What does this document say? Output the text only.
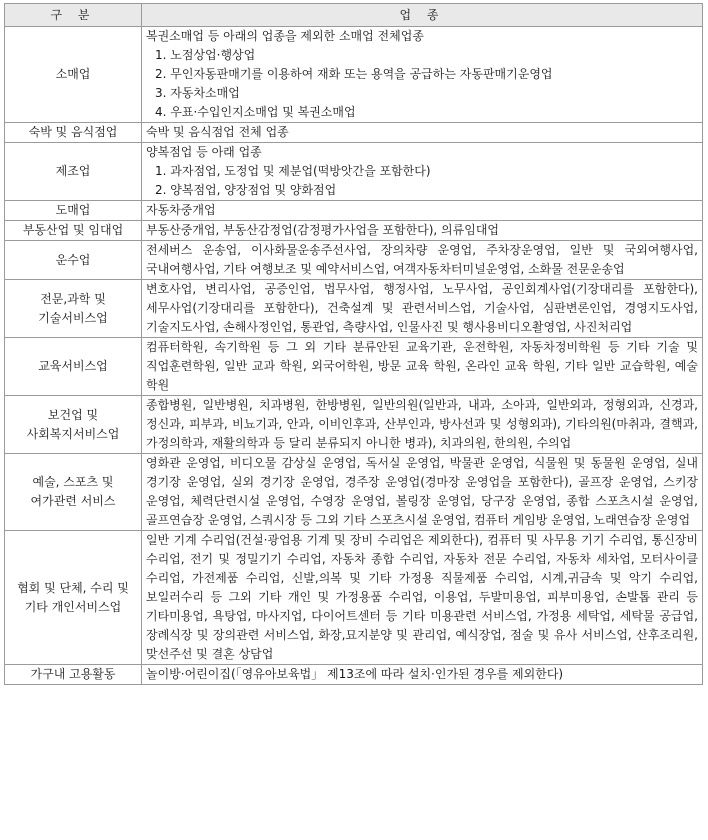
구 분	업 종

소매업	복권소매업 등 아래의 업종을 제외한 소매업 전체업종
1. 노점상업·행상업
2. 무인자동판매기를 이용하여 재화 또는 용역을 공급하는 자동판매기운영업
3. 자동차소매업
4. 우표·수입인지소매업 및 복권소매업

숙박 및 음식점업	숙박 및 음식점업 전체 업종

제조업	양복점업 등 아래 업종
1. 과자점업, 도정업 및 제분업(떡방앗간을 포함한다)
2. 양복점업, 양장점업 및 양화점업

도매업	자동차중개업

부동산업 및 임대업	부동산중개업, 부동산감정업(감정평가사업을 포함한다), 의류임대업

운수업	전세버스 운송업, 이사화물운송주선사업, 장의차량 운영업, 주차장운영업, 일반 및 국외여행사업, 국내여행사업, 기타 여행보조 및 예약서비스업, 여객자동차터미널운영업, 소화물 전문운송업

전문,과학 및
기술서비스업	변호사업, 변리사업, 공증인업, 법무사업, 행정사업, 노무사업, 공인회계사업(기장대리를 포함한다), 세무사업(기장대리를 포함한다), 건축설계 및 관련서비스업, 기술사업, 심판변론인업, 경영지도사업, 기술지도사업, 손해사정인업, 통관업, 측량사업, 인물사진 및 행사용비디오촬영업, 사진처리업

교육서비스업	컴퓨터학원, 속기학원 등 그 외 기타 분류안된 교육기관, 운전학원, 자동차정비학원 등 기타 기술 및 직업훈련학원, 일반 교과 학원, 외국어학원, 방문 교육 학원, 온라인 교육 학원, 기타 일반 교습학원, 예술 학원

보건업 및
사회복지서비스업	종합병원, 일반병원, 치과병원, 한방병원, 일반의원(일반과, 내과, 소아과, 일반외과, 정형외과, 신경과, 정신과, 피부과, 비뇨기과, 안과, 이비인후과, 산부인과, 방사선과 및 성형외과), 기타의원(마취과, 결핵과, 가정의학과, 재활의학과 등 달리 분류되지 아니한 병과), 치과의원, 한의원, 수의업

예술, 스포츠 및
여가관련 서비스	영화관 운영업, 비디오물 감상실 운영업, 독서실 운영업, 박물관 운영업, 식물원 및 동물원 운영업, 실내 경기장 운영업, 실외 경기장 운영업, 경주장 운영업(경마장 운영업을 포함한다), 골프장 운영업, 스키장 운영업, 체력단련시설 운영업, 수영장 운영업, 볼링장 운영업, 당구장 운영업, 종합 스포츠시설 운영업, 골프연습장 운영업, 스쿼시장 등 그외 기타 스포츠시설 운영업, 컴퓨터 게임방 운영업, 노래연습장 운영업

협회 및 단체, 수리 및
기타 개인서비스업	일반 기계 수리업(건설·광업용 기계 및 장비 수리업은 제외한다), 컴퓨터 및 사무용 기기 수리업, 통신장비 수리업, 전기 및 정밀기기 수리업, 자동차 종합 수리업, 자동차 전문 수리업, 자동차 세차업, 모터사이클 수리업, 가전제품 수리업, 신발,의복 및 기타 가정용 직물제품 수리업, 시계,귀금속 및 악기 수리업, 보일러수리 등 그외 기타 개인 및 가정용품 수리업, 이용업, 두발미용업, 피부미용업, 손발톱 관리 등 기타미용업, 욕탕업, 마사지업, 다이어트센터 등 기타 미용관련 서비스업, 가정용 세탁업, 세탁물 공급업, 장례식장 및 장의관련 서비스업, 화장,묘지분양 및 관리업, 예식장업, 점술 및 유사 서비스업, 산후조리원, 맞선주선 및 결혼 상담업

가구내 고용활동	놀이방·어린이집(「영유아보육법」 제13조에 따라 설치·인가된 경우를 제외한다)
